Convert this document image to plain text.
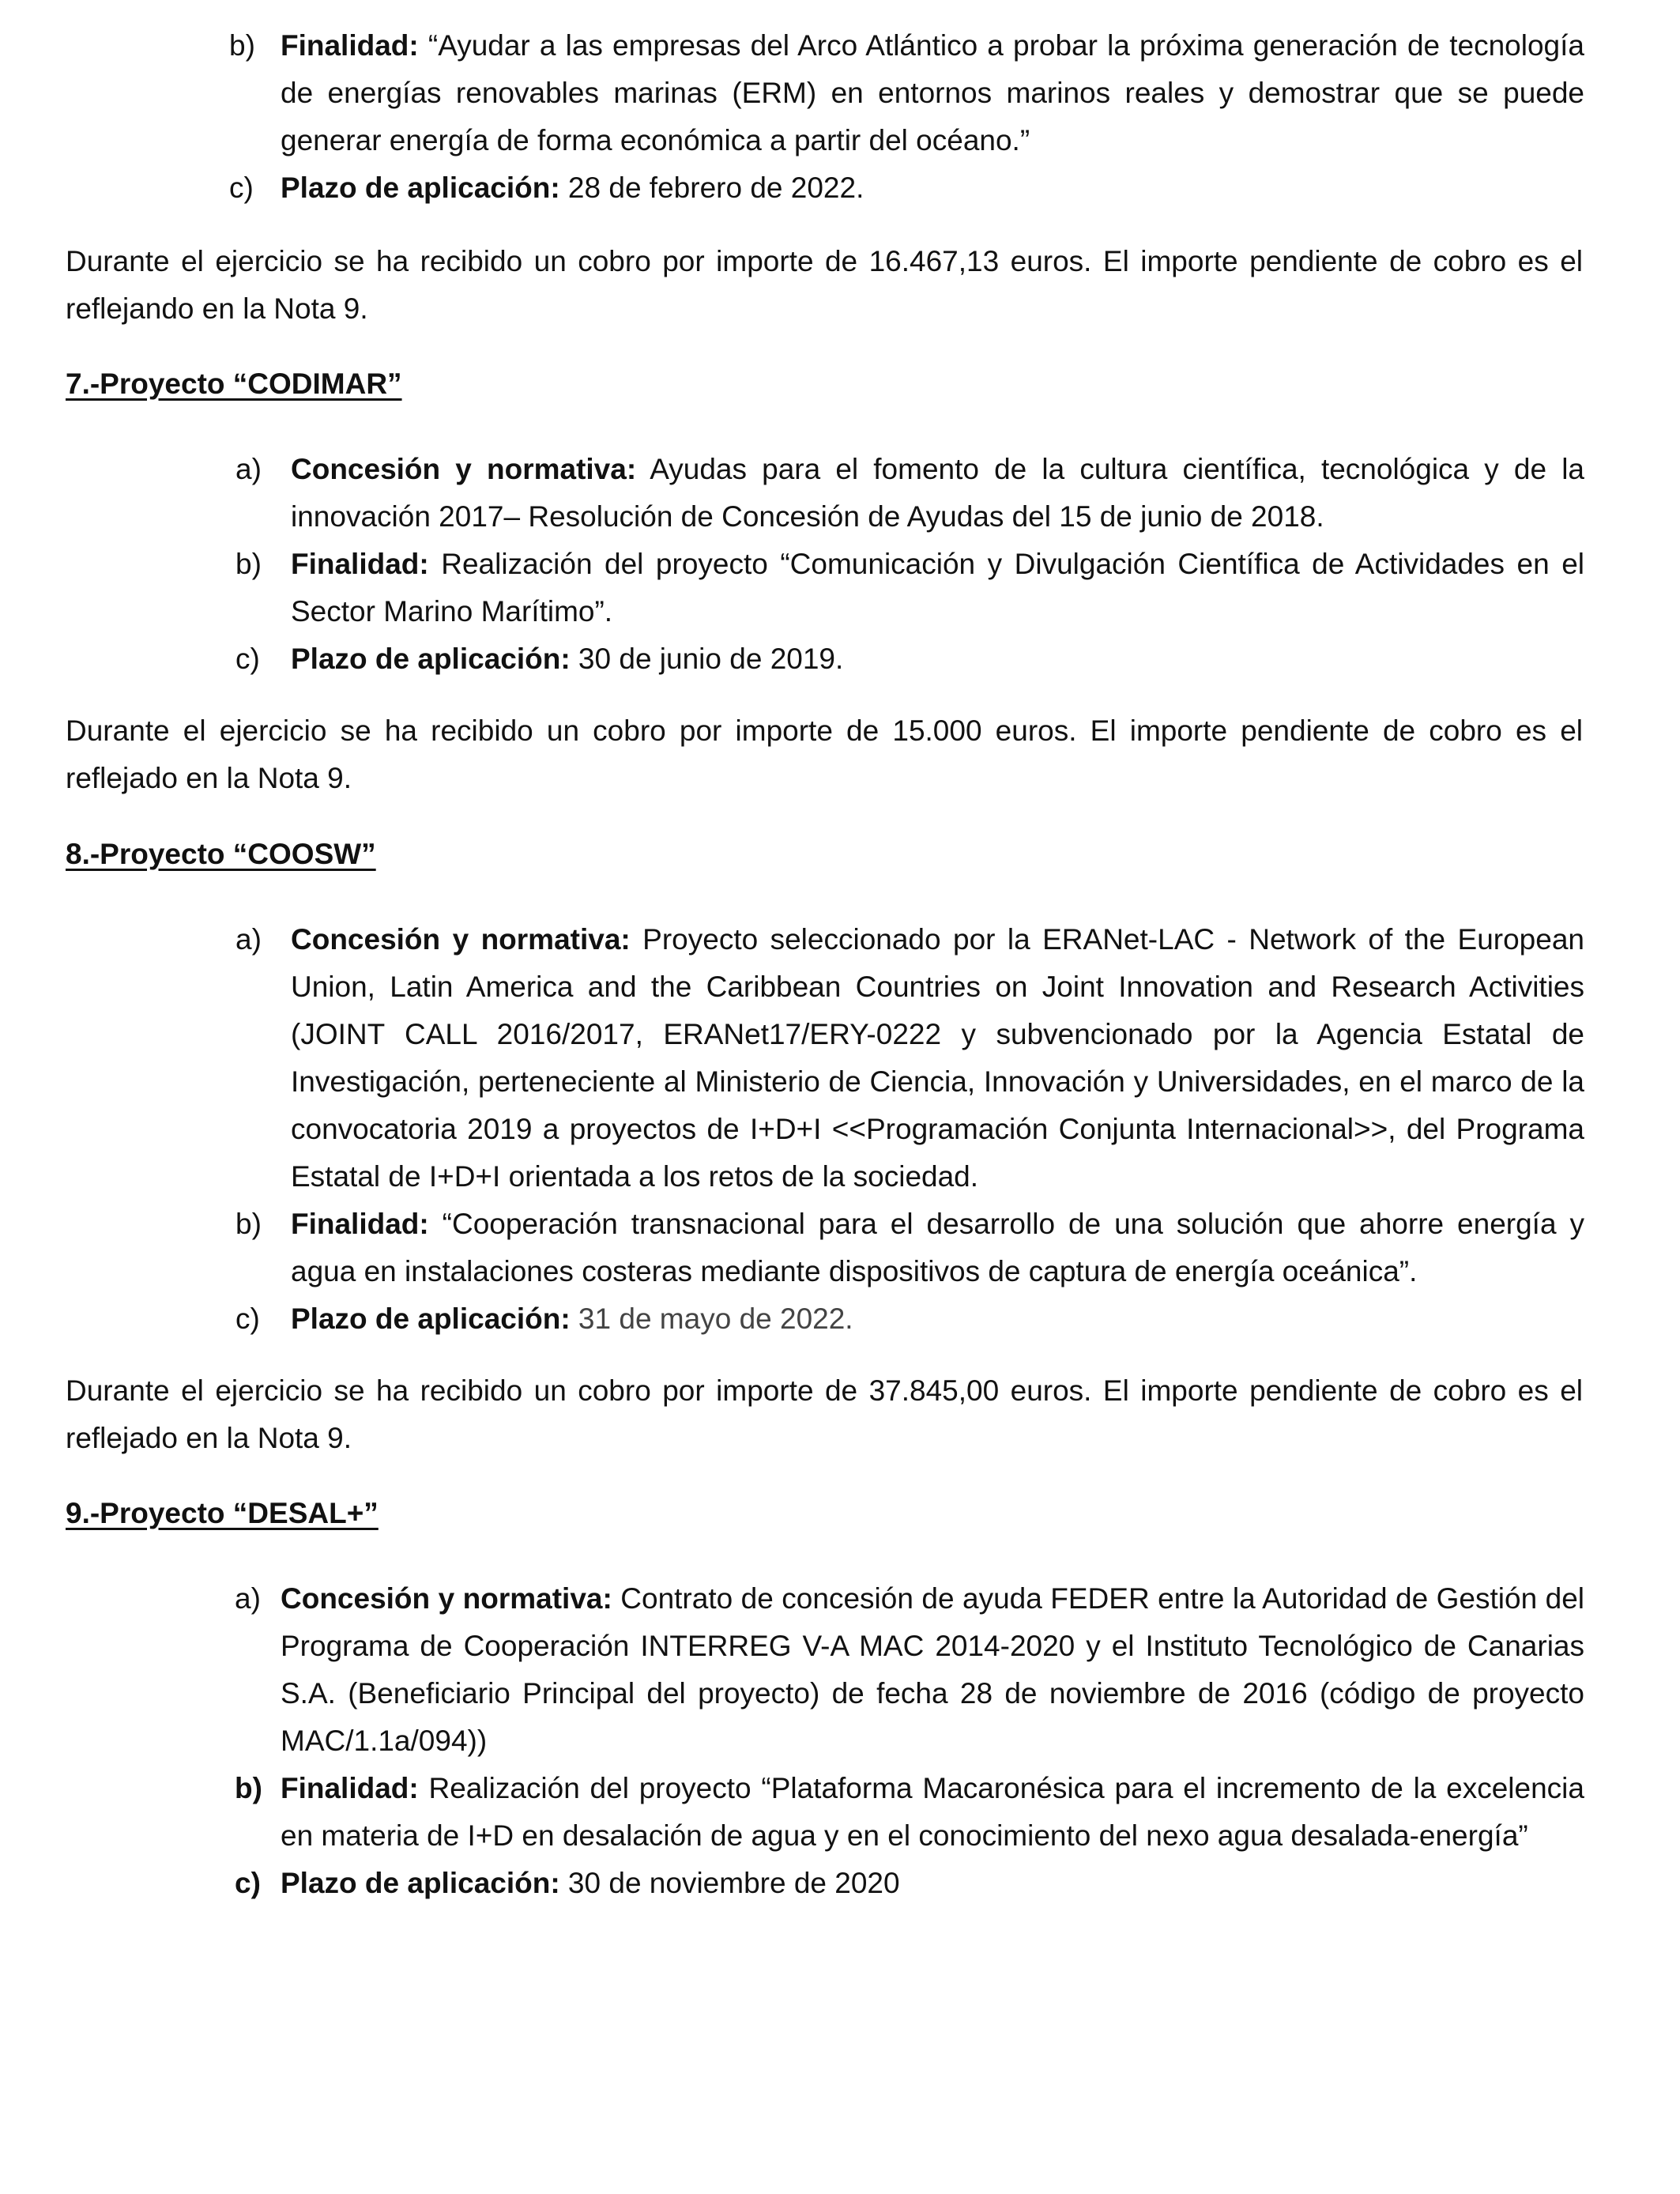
b) Finalidad: “Ayudar a las empresas del Arco Atlántico a probar la próxima generación de tecnología de energías renovables marinas (ERM) en entornos marinos reales y demostrar que se puede generar energía de forma económica a partir del océano.”
c) Plazo de aplicación: 28 de febrero de 2022.

Durante el ejercicio se ha recibido un cobro por importe de 16.467,13 euros. El importe pendiente de cobro es el reflejando en la Nota 9.

7.-Proyecto “CODIMAR”

a) Concesión y normativa: Ayudas para el fomento de la cultura científica, tecnológica y de la innovación 2017– Resolución de Concesión de Ayudas del 15 de junio de 2018.
b) Finalidad: Realización del proyecto “Comunicación y Divulgación Científica de Actividades en el Sector Marino Marítimo”.
c) Plazo de aplicación: 30 de junio de 2019.

Durante el ejercicio se ha recibido un cobro por importe de 15.000 euros. El importe pendiente de cobro es el reflejado en la Nota 9.

8.-Proyecto “COOSW”

a) Concesión y normativa: Proyecto seleccionado por la ERANet-LAC - Network of the European Union, Latin America and the Caribbean Countries on Joint Innovation and Research Activities (JOINT CALL 2016/2017, ERANet17/ERY-0222 y subvencionado por la Agencia Estatal de Investigación, perteneciente al Ministerio de Ciencia, Innovación y Universidades, en el marco de la convocatoria 2019 a proyectos de I+D+I <<Programación Conjunta Internacional>>, del Programa Estatal de I+D+I orientada a los retos de la sociedad.
b) Finalidad: “Cooperación transnacional para el desarrollo de una solución que ahorre energía y agua en instalaciones costeras mediante dispositivos de captura de energía oceánica”.
c) Plazo de aplicación: 31 de mayo de 2022.

Durante el ejercicio se ha recibido un cobro por importe de 37.845,00 euros. El importe pendiente de cobro es el reflejado en la Nota 9.

9.-Proyecto “DESAL+”

a) Concesión y normativa: Contrato de concesión de ayuda FEDER entre la Autoridad de Gestión del Programa de Cooperación INTERREG V-A MAC 2014-2020 y el Instituto Tecnológico de Canarias S.A. (Beneficiario Principal del proyecto) de fecha 28 de noviembre de 2016 (código de proyecto MAC/1.1a/094))
b) Finalidad: Realización del proyecto “Plataforma Macaronésica para el incremento de la excelencia en materia de I+D en desalación de agua y en el conocimiento del nexo agua desalada-energía”
c) Plazo de aplicación: 30 de noviembre de 2020
